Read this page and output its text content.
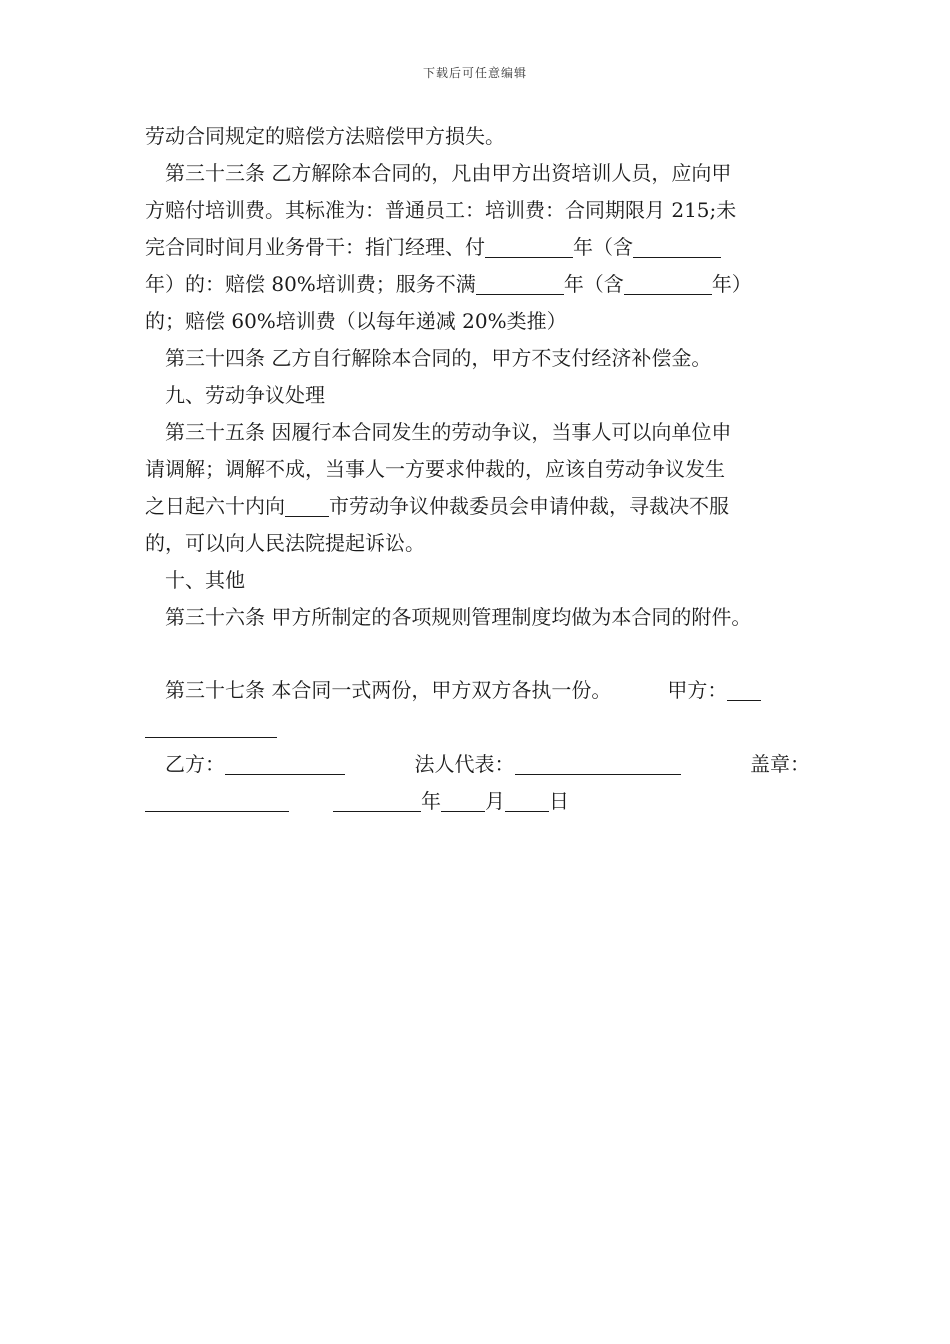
下载后可任意编辑
劳动合同规定的赔偿方法赔偿甲方损失。
第三十三条 乙方解除本合同的，凡由甲方出资培训人员，应向甲
方赔付培训费。其标准为：普通员工：培训费：合同期限月 215;未
完合同时间月业务骨干：指门经理、付	年（含
年）的：赔偿 80%培训费；服务不满	年（含	年）
的；赔偿 60%培训费（以每年递减 20%类推）
第三十四条 乙方自行解除本合同的，甲方不支付经济补偿金。
九、劳动争议处理
第三十五条 因履行本合同发生的劳动争议，当事人可以向单位申
请调解；调解不成，当事人一方要求仲裁的，应该自劳动争议发生
之日起六十内向 市劳动争议仲裁委员会申请仲裁，寻裁决不服
的，可以向人民法院提起诉讼。
十、其他
第三十六条 甲方所制定的各项规则管理制度均做为本合同的附件。
第三十七条 本合同一式两份，甲方双方各执一份。	甲方：
乙方：	法人代表：	盖章：
年 月 日
